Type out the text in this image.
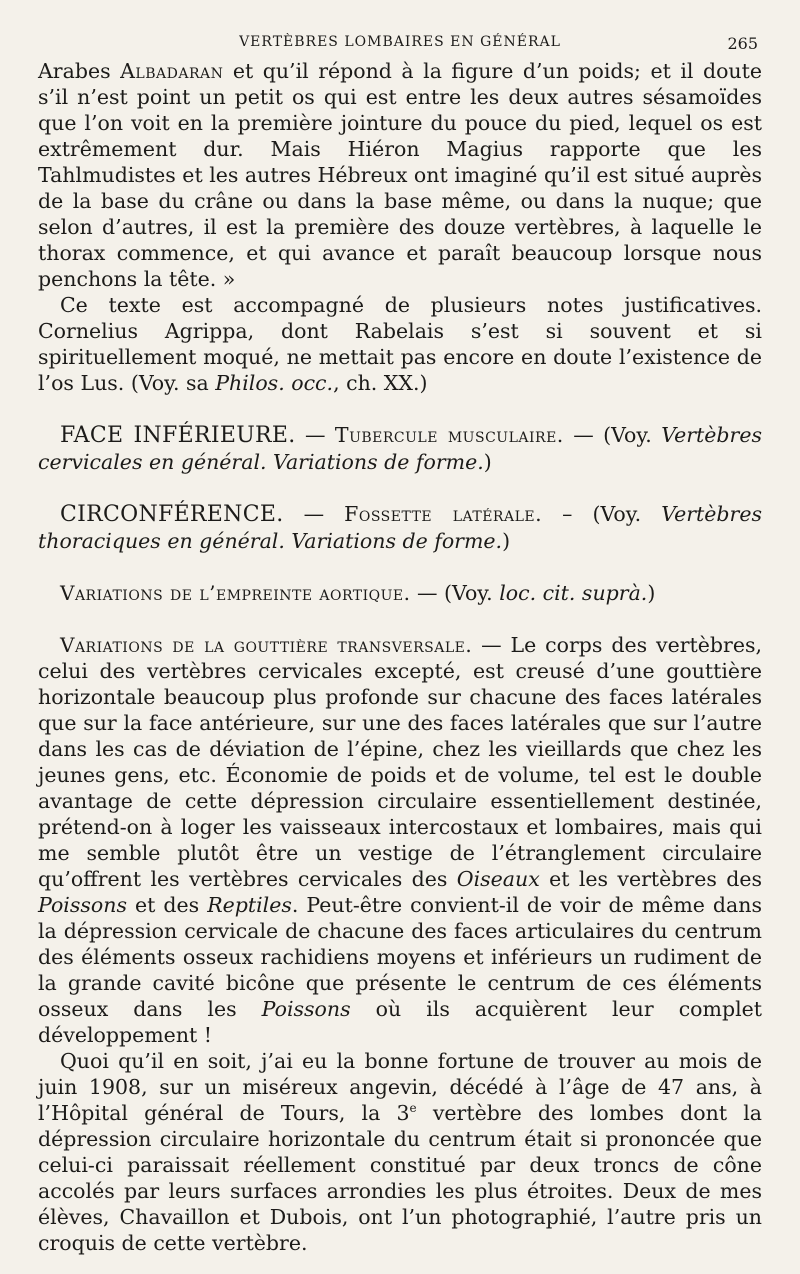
VERTÈBRES LOMBAIRES EN GÉNÉRAL	265

Arabes Albadaran et qu’il répond à la figure d’un poids; et il doute s’il n’est point un petit os qui est entre les deux autres sésamoïdes que l’on voit en la première jointure du pouce du pied, lequel os est extrêmement dur. Mais Hiéron Magius rapporte que les Tahlmudistes et les autres Hébreux ont imaginé qu’il est situé auprès de la base du crâne ou dans la base même, ou dans la nuque; que selon d’autres, il est la première des douze vertèbres, à laquelle le thorax commence, et qui avance et paraît beaucoup lorsque nous penchons la tête. »

Ce texte est accompagné de plusieurs notes justificatives. Cornelius Agrippa, dont Rabelais s’est si souvent et si spirituellement moqué, ne mettait pas encore en doute l’existence de l’os Lus. (Voy. sa Philos. occ., ch. XX.)

FACE INFÉRIEURE. — Tubercule musculaire. — (Voy. Vertèbres cervicales en général. Variations de forme.)

CIRCONFÉRENCE. — Fossette latérale. – (Voy. Vertèbres thoraciques en général. Variations de forme.)

Variations de l’empreinte aortique. — (Voy. loc. cit. suprà.)

Variations de la gouttière transversale. — Le corps des vertèbres, celui des vertèbres cervicales excepté, est creusé d’une gouttière horizontale beaucoup plus profonde sur chacune des faces latérales que sur la face antérieure, sur une des faces latérales que sur l’autre dans les cas de déviation de l’épine, chez les vieillards que chez les jeunes gens, etc. Économie de poids et de volume, tel est le double avantage de cette dépression circulaire essentiellement destinée, prétend-on à loger les vaisseaux intercostaux et lombaires, mais qui me semble plutôt être un vestige de l’étranglement circulaire qu’offrent les vertèbres cervicales des Oiseaux et les vertèbres des Poissons et des Reptiles. Peut-être convient-il de voir de même dans la dépression cervicale de chacune des faces articulaires du centrum des éléments osseux rachidiens moyens et inférieurs un rudiment de la grande cavité bicône que présente le centrum de ces éléments osseux dans les Poissons où ils acquièrent leur complet développement !

Quoi qu’il en soit, j’ai eu la bonne fortune de trouver au mois de juin 1908, sur un miséreux angevin, décédé à l’âge de 47 ans, à l’Hôpital général de Tours, la 3e vertèbre des lombes dont la dépression circulaire horizontale du centrum était si prononcée que celui-ci paraissait réellement constitué par deux troncs de cône accolés par leurs surfaces arrondies les plus étroites. Deux de mes élèves, Chavaillon et Dubois, ont l’un photographié, l’autre pris un croquis de cette vertèbre.
